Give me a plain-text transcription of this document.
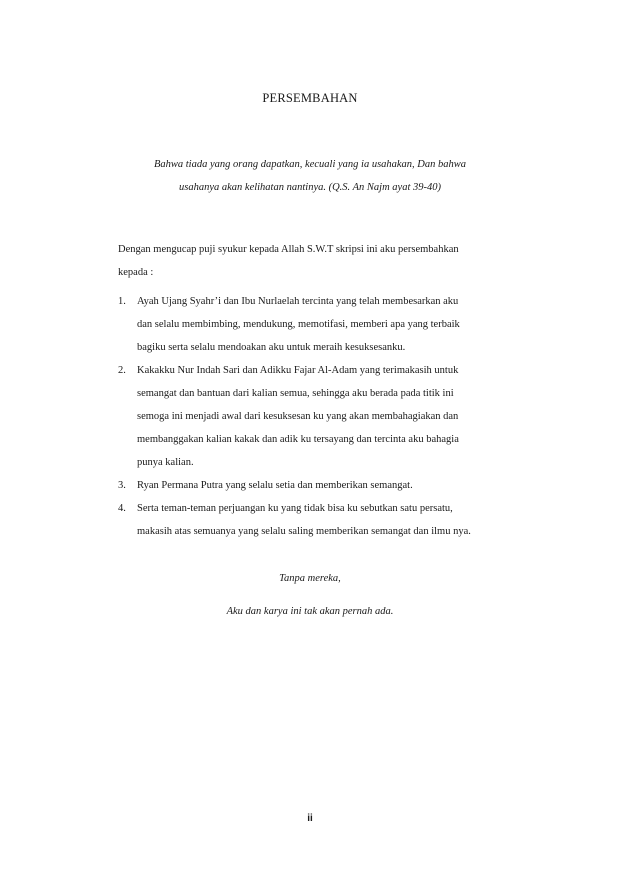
PERSEMBAHAN
Bahwa tiada yang orang dapatkan, kecuali yang ia usahakan, Dan bahwa
usahanya akan kelihatan nantinya. (Q.S. An Najm ayat 39-40)
Dengan mengucap puji syukur kepada Allah S.W.T skripsi ini aku persembahkan
kepada :
1. Ayah Ujang Syahr’i dan Ibu Nurlaelah tercinta yang telah membesarkan aku
dan selalu membimbing, mendukung, memotifasi, memberi apa yang terbaik
bagiku serta selalu mendoakan aku untuk meraih kesuksesanku.
2. Kakakku Nur Indah Sari dan Adikku Fajar Al-Adam yang terimakasih untuk
semangat dan bantuan dari kalian semua, sehingga aku berada pada titik ini
semoga ini menjadi awal dari kesuksesan ku yang akan membahagiakan dan
membanggakan kalian kakak dan adik ku tersayang dan tercinta aku bahagia
punya kalian.
3. Ryan Permana Putra yang selalu setia dan memberikan semangat.
4. Serta teman-teman perjuangan ku yang tidak bisa ku sebutkan satu persatu,
makasih atas semuanya yang selalu saling memberikan semangat dan ilmu nya.
Tanpa mereka,
Aku dan karya ini tak akan pernah ada.
ii
